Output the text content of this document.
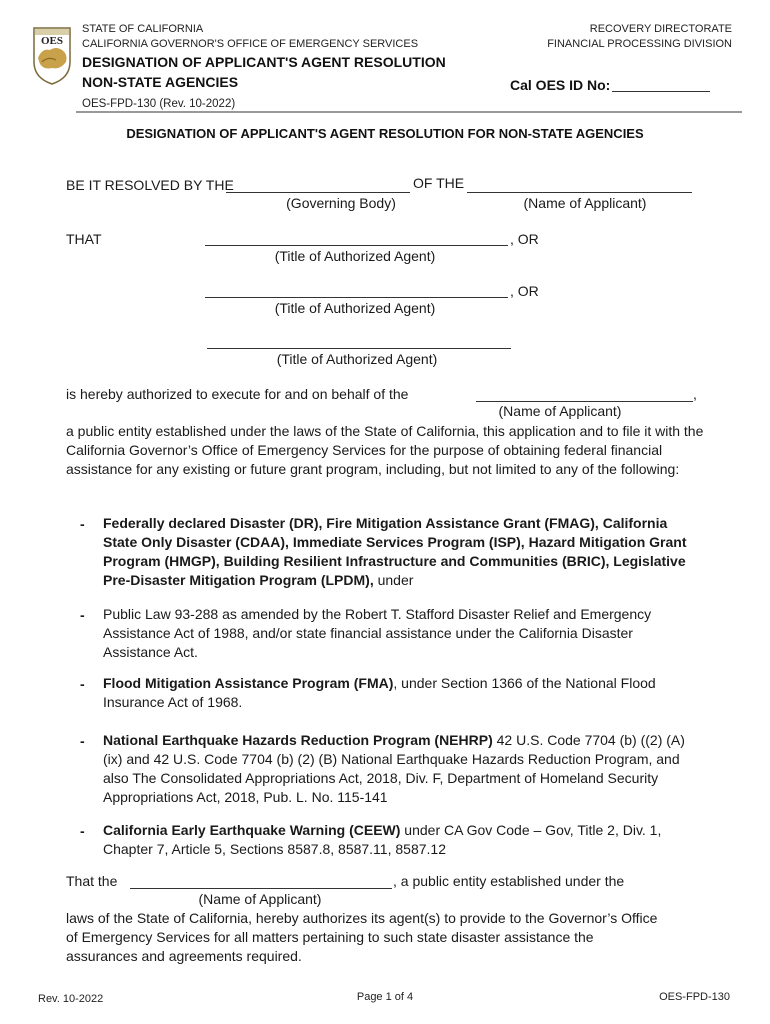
OES
STATE OF CALIFORNIA
CALIFORNIA GOVERNOR'S OFFICE OF EMERGENCY SERVICES
DESIGNATION OF APPLICANT'S AGENT RESOLUTION
NON-STATE AGENCIES
OES-FPD-130 (Rev. 10-2022)
RECOVERY DIRECTORATE
FINANCIAL PROCESSING DIVISION
Cal OES ID No:
DESIGNATION OF APPLICANT'S AGENT RESOLUTION FOR NON-STATE AGENCIES
BE IT RESOLVED BY THE	OF THE
(Governing Body)	(Name of Applicant)
THAT	, OR
(Title of Authorized Agent)
, OR
(Title of Authorized Agent)
(Title of Authorized Agent)
is hereby authorized to execute for and on behalf of the	,
(Name of Applicant)
a public entity established under the laws of the State of California, this application and to file it with the California Governor’s Office of Emergency Services for the purpose of obtaining federal financial assistance for any existing or future grant program, including, but not limited to any of the following:
- Federally declared Disaster (DR), Fire Mitigation Assistance Grant (FMAG), California State Only Disaster (CDAA), Immediate Services Program (ISP), Hazard Mitigation Grant Program (HMGP), Building Resilient Infrastructure and Communities (BRIC), Legislative Pre-Disaster Mitigation Program (LPDM), under
- Public Law 93-288 as amended by the Robert T. Stafford Disaster Relief and Emergency Assistance Act of 1988, and/or state financial assistance under the California Disaster Assistance Act.
- Flood Mitigation Assistance Program (FMA), under Section 1366 of the National Flood Insurance Act of 1968.
- National Earthquake Hazards Reduction Program (NEHRP) 42 U.S. Code 7704 (b) ((2) (A) (ix) and 42 U.S. Code 7704 (b) (2) (B) National Earthquake Hazards Reduction Program, and also The Consolidated Appropriations Act, 2018, Div. F, Department of Homeland Security Appropriations Act, 2018, Pub. L. No. 115-141
- California Early Earthquake Warning (CEEW) under CA Gov Code – Gov, Title 2, Div. 1, Chapter 7, Article 5, Sections 8587.8, 8587.11, 8587.12
That the	, a public entity established under the
(Name of Applicant)
laws of the State of California, hereby authorizes its agent(s) to provide to the Governor’s Office of Emergency Services for all matters pertaining to such state disaster assistance the assurances and agreements required.
Rev. 10-2022	Page 1 of 4	OES-FPD-130
